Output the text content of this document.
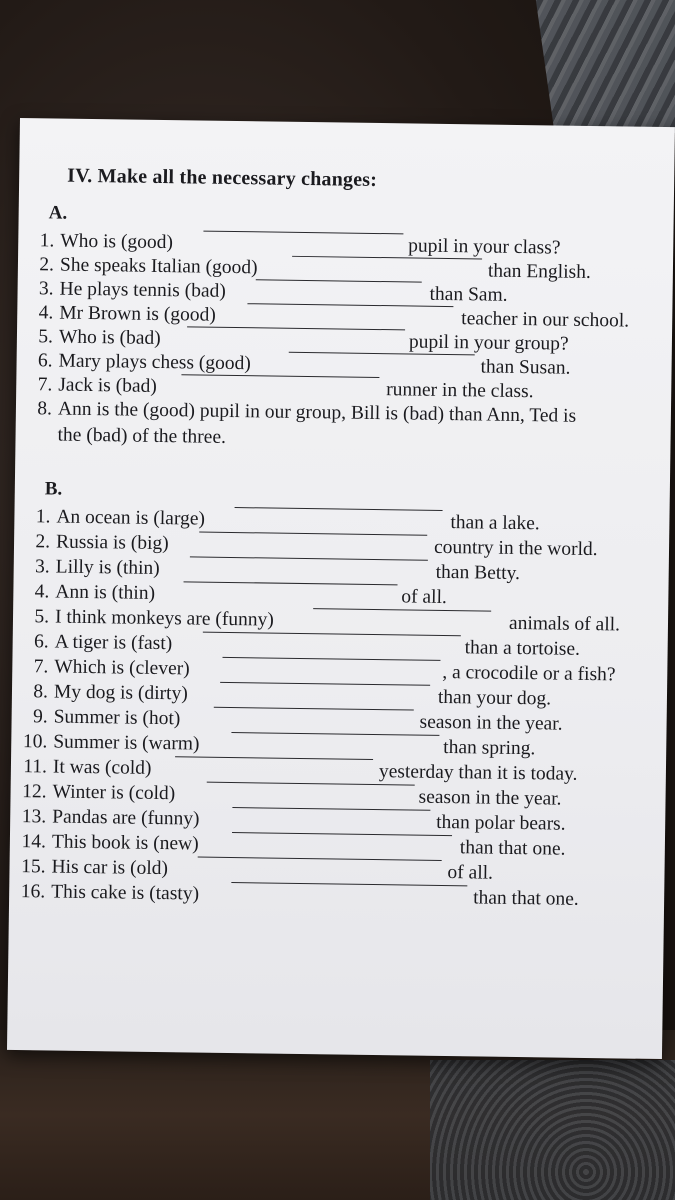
IV. Make all the necessary changes:
A.
1. Who is (good)	pupil in your class?
2. She speaks Italian (good)	than English.
3. He plays tennis (bad)	than Sam.
4. Mr Brown is (good)	teacher in our school.
5. Who is (bad)	pupil in your group?
6. Mary plays chess (good)	than Susan.
7. Jack is (bad)	runner in the class.
8. Ann is the (good) pupil in our group, Bill is (bad) than Ann, Ted is
the (bad) of the three.
B.
1. An ocean is (large)	than a lake.
2. Russia is (big)	country in the world.
3. Lilly is (thin)	than Betty.
4. Ann is (thin)	of all.
5. I think monkeys are (funny)	animals of all.
6. A tiger is (fast)	than a tortoise.
7. Which is (clever)	, a crocodile or a fish?
8. My dog is (dirty)	than your dog.
9. Summer is (hot)	season in the year.
10. Summer is (warm)	than spring.
11. It was (cold)	yesterday than it is today.
12. Winter is (cold)	season in the year.
13. Pandas are (funny)	than polar bears.
14. This book is (new)	than that one.
15. His car is (old)	of all.
16. This cake is (tasty)	than that one.
